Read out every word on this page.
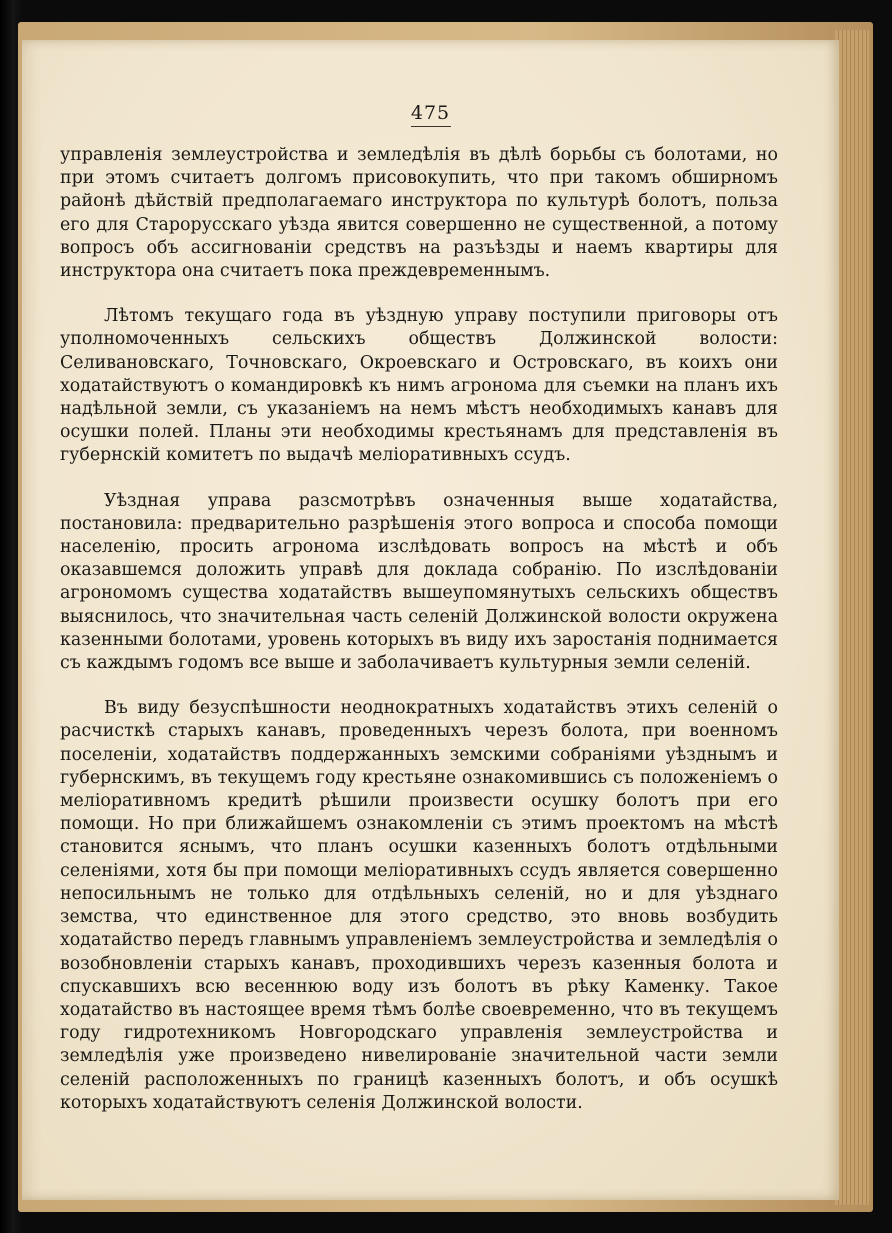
475

управленія землеустройства и земледѣлія въ дѣлѣ борьбы съ болотами, но при этомъ считаетъ долгомъ присовокупить, что при такомъ обширномъ районѣ дѣйствій предполагаемаго инструктора по культурѣ болотъ, польза его для Старорусскаго уѣзда явится совершенно не существенной, а потому вопросъ объ ассигнованіи средствъ на разъѣзды и наемъ квартиры для инструктора она считаетъ пока преждевременнымъ.

Лѣтомъ текущаго года въ уѣздную управу поступили приговоры отъ уполномоченныхъ сельскихъ обществъ Должинской волости: Селивановскаго, Точновскаго, Окроевскаго и Островскаго, въ коихъ они ходатайствуютъ о командировкѣ къ нимъ агронома для съемки на планъ ихъ надѣльной земли, съ указаніемъ на немъ мѣстъ необходимыхъ канавъ для осушки полей. Планы эти необходимы крестьянамъ для представленія въ губернскій комитетъ по выдачѣ меліоративныхъ ссудъ.

Уѣздная управа разсмотрѣвъ означенныя выше ходатайства, постановила: предварительно разрѣшенія этого вопроса и способа помощи населенію, просить агронома изслѣдовать вопросъ на мѣстѣ и объ оказавшемся доложить управѣ для доклада собранію. По изслѣдованіи агрономомъ существа ходатайствъ вышеупомянутыхъ сельскихъ обществъ выяснилось, что значительная часть селеній Должинской волости окружена казенными болотами, уровень которыхъ въ виду ихъ заростанія поднимается съ каждымъ годомъ все выше и заболачиваетъ культурныя земли селеній.

Въ виду безуспѣшности неоднократныхъ ходатайствъ этихъ селеній о расчисткѣ старыхъ канавъ, проведенныхъ черезъ болота, при военномъ поселеніи, ходатайствъ поддержанныхъ земскими собраніями уѣзднымъ и губернскимъ, въ текущемъ году крестьяне ознакомившись съ положеніемъ о меліоративномъ кредитѣ рѣшили произвести осушку болотъ при его помощи. Но при ближайшемъ ознакомленіи съ этимъ проектомъ на мѣстѣ становится яснымъ, что планъ осушки казенныхъ болотъ отдѣльными селеніями, хотя бы при помощи меліоративныхъ ссудъ является совершенно непосильнымъ не только для отдѣльныхъ селеній, но и для уѣзднаго земства, что единственное для этого средство, это вновь возбудить ходатайство передъ главнымъ управленіемъ землеустройства и земледѣлія о возобновленіи старыхъ канавъ, проходившихъ черезъ казенныя болота и спускавшихъ всю весеннюю воду изъ болотъ въ рѣку Каменку. Такое ходатайство въ настоящее время тѣмъ болѣе своевременно, что въ текущемъ году гидротехникомъ Новгородскаго управленія землеустройства и земледѣлія уже произведено нивелированіе значительной части земли селеній расположенныхъ по границѣ казенныхъ болотъ, и объ осушкѣ которыхъ ходатайствуютъ селенія Должинской волости.
